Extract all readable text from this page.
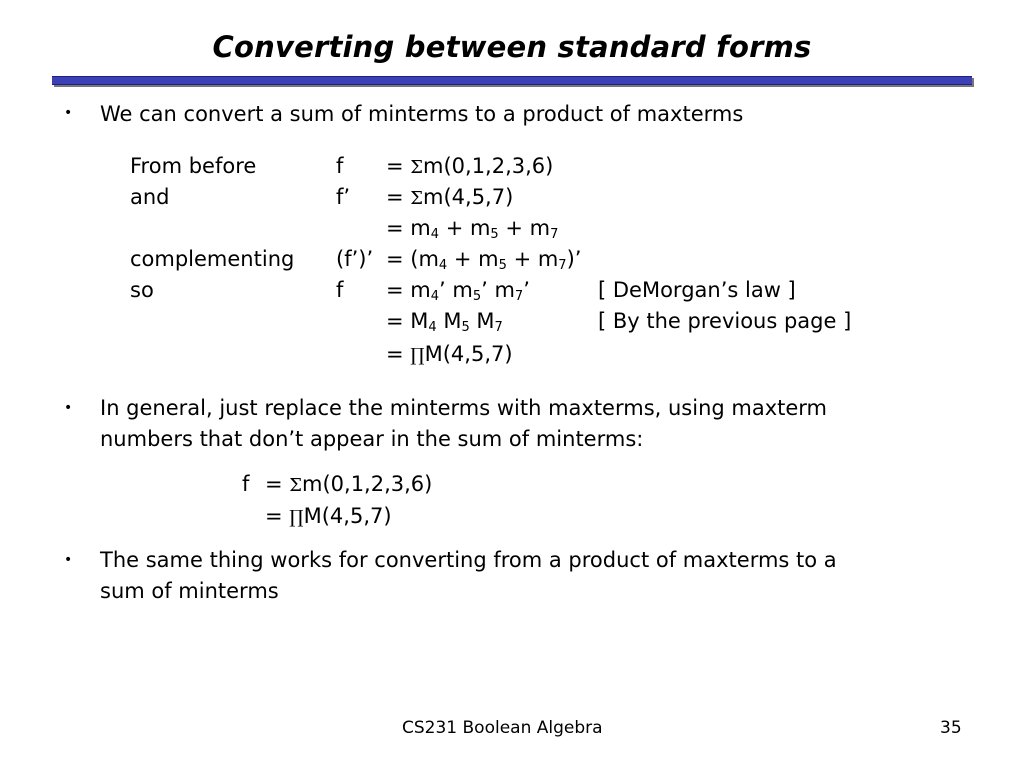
Converting between standard forms
• We can convert a sum of minterms to a product of maxterms
From before
and
complementing
so
f
f’
(f’)’
f
= Σm(0,1,2,3,6)
= Σm(4,5,7)
= $m_4 + m_5 + m_7$
= $(m_4 + m_5 + m_7)$’
= $m_4$’ $m_5$’ $m_7$’
= $M_4$ $M_5$ $M_7$
= ∏M(4,5,7)
[ DeMorgan’s law ]
[ By the previous page ]
• In general, just replace the minterms with maxterms, using maxterm
numbers that don’t appear in the sum of minterms:
f = Σm(0,1,2,3,6)
= ∏M(4,5,7)
• The same thing works for converting from a product of maxterms to a
sum of minterms
CS231 Boolean Algebra	35
